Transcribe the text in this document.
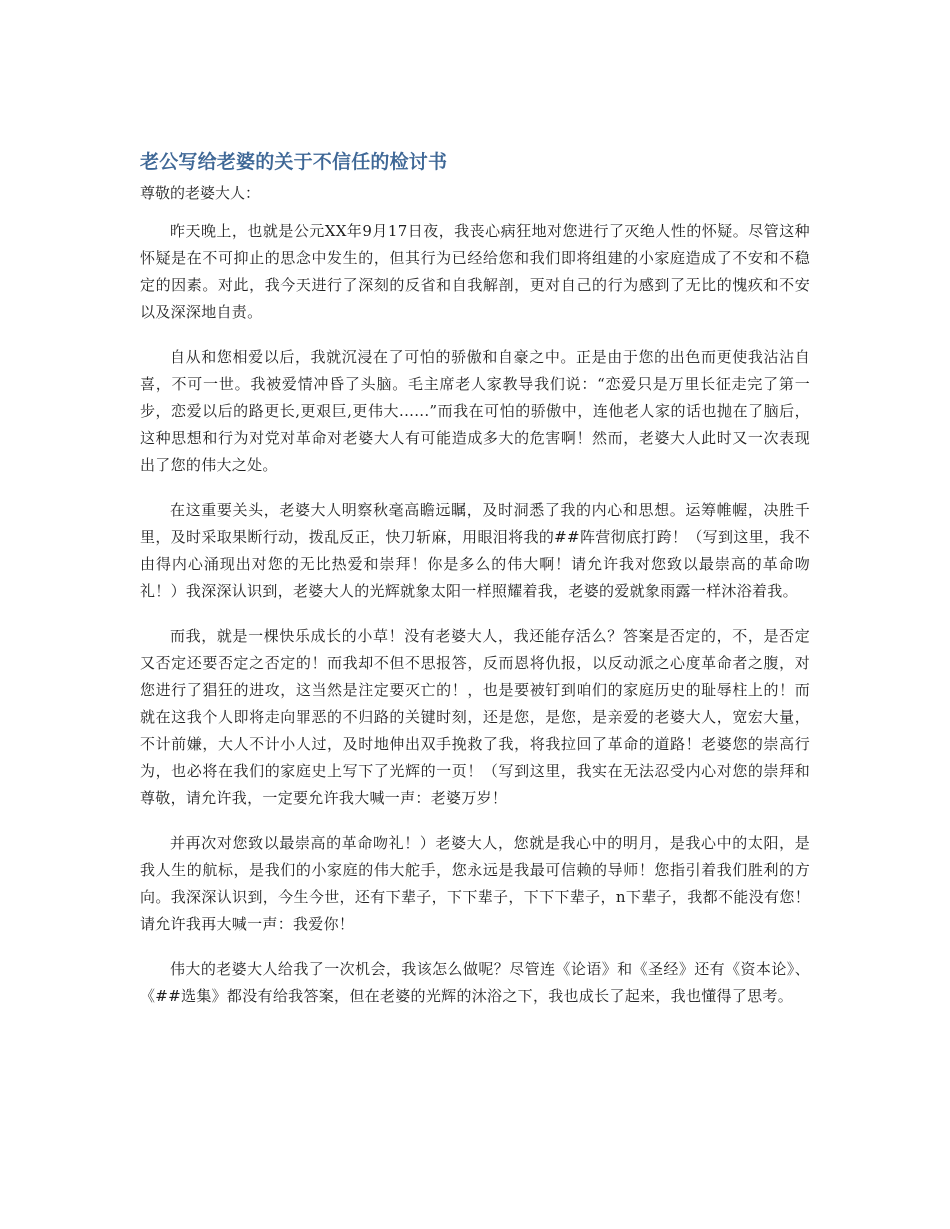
老公写给老婆的关于不信任的检讨书
尊敬的老婆大人：

昨天晚上，也就是公元XX年9月17日夜，我丧心病狂地对您进行了灭绝人性的怀疑。尽管这种怀疑是在不可抑止的思念中发生的，但其行为已经给您和我们即将组建的小家庭造成了不安和不稳定的因素。对此，我今天进行了深刻的反省和自我解剖，更对自己的行为感到了无比的愧疚和不安以及深深地自责。

自从和您相爱以后，我就沉浸在了可怕的骄傲和自豪之中。正是由于您的出色而更使我沾沾自喜，不可一世。我被爱情冲昏了头脑。毛主席老人家教导我们说：“恋爱只是万里长征走完了第一步，恋爱以后的路更长,更艰巨,更伟大......”而我在可怕的骄傲中，连他老人家的话也抛在了脑后，这种思想和行为对党对革命对老婆大人有可能造成多大的危害啊！然而，老婆大人此时又一次表现出了您的伟大之处。

在这重要关头，老婆大人明察秋毫高瞻远瞩，及时洞悉了我的内心和思想。运筹帷幄，决胜千里，及时采取果断行动，拨乱反正，快刀斩麻，用眼泪将我的##阵营彻底打跨！（写到这里，我不由得内心涌现出对您的无比热爱和崇拜！你是多么的伟大啊！请允许我对您致以最崇高的革命吻礼！）我深深认识到，老婆大人的光辉就象太阳一样照耀着我，老婆的爱就象雨露一样沐浴着我。

而我，就是一棵快乐成长的小草！没有老婆大人，我还能存活么？答案是否定的，不，是否定又否定还要否定之否定的！而我却不但不思报答，反而恩将仇报，以反动派之心度革命者之腹，对您进行了猖狂的进攻，这当然是注定要灭亡的！，也是要被钉到咱们的家庭历史的耻辱柱上的！而就在这我个人即将走向罪恶的不归路的关键时刻，还是您，是您，是亲爱的老婆大人，宽宏大量，不计前嫌，大人不计小人过，及时地伸出双手挽救了我，将我拉回了革命的道路！老婆您的崇高行为，也必将在我们的家庭史上写下了光辉的一页！（写到这里，我实在无法忍受内心对您的崇拜和尊敬，请允许我，一定要允许我大喊一声：老婆万岁！

并再次对您致以最崇高的革命吻礼！）老婆大人，您就是我心中的明月，是我心中的太阳，是我人生的航标，是我们的小家庭的伟大舵手，您永远是我最可信赖的导师！您指引着我们胜利的方向。我深深认识到，今生今世，还有下辈子，下下辈子，下下下辈子，n下辈子，我都不能没有您！请允许我再大喊一声：我爱你！

伟大的老婆大人给我了一次机会，我该怎么做呢？尽管连《论语》和《圣经》还有《资本论》、《##选集》都没有给我答案，但在老婆的光辉的沐浴之下，我也成长了起来，我也懂得了思考。
